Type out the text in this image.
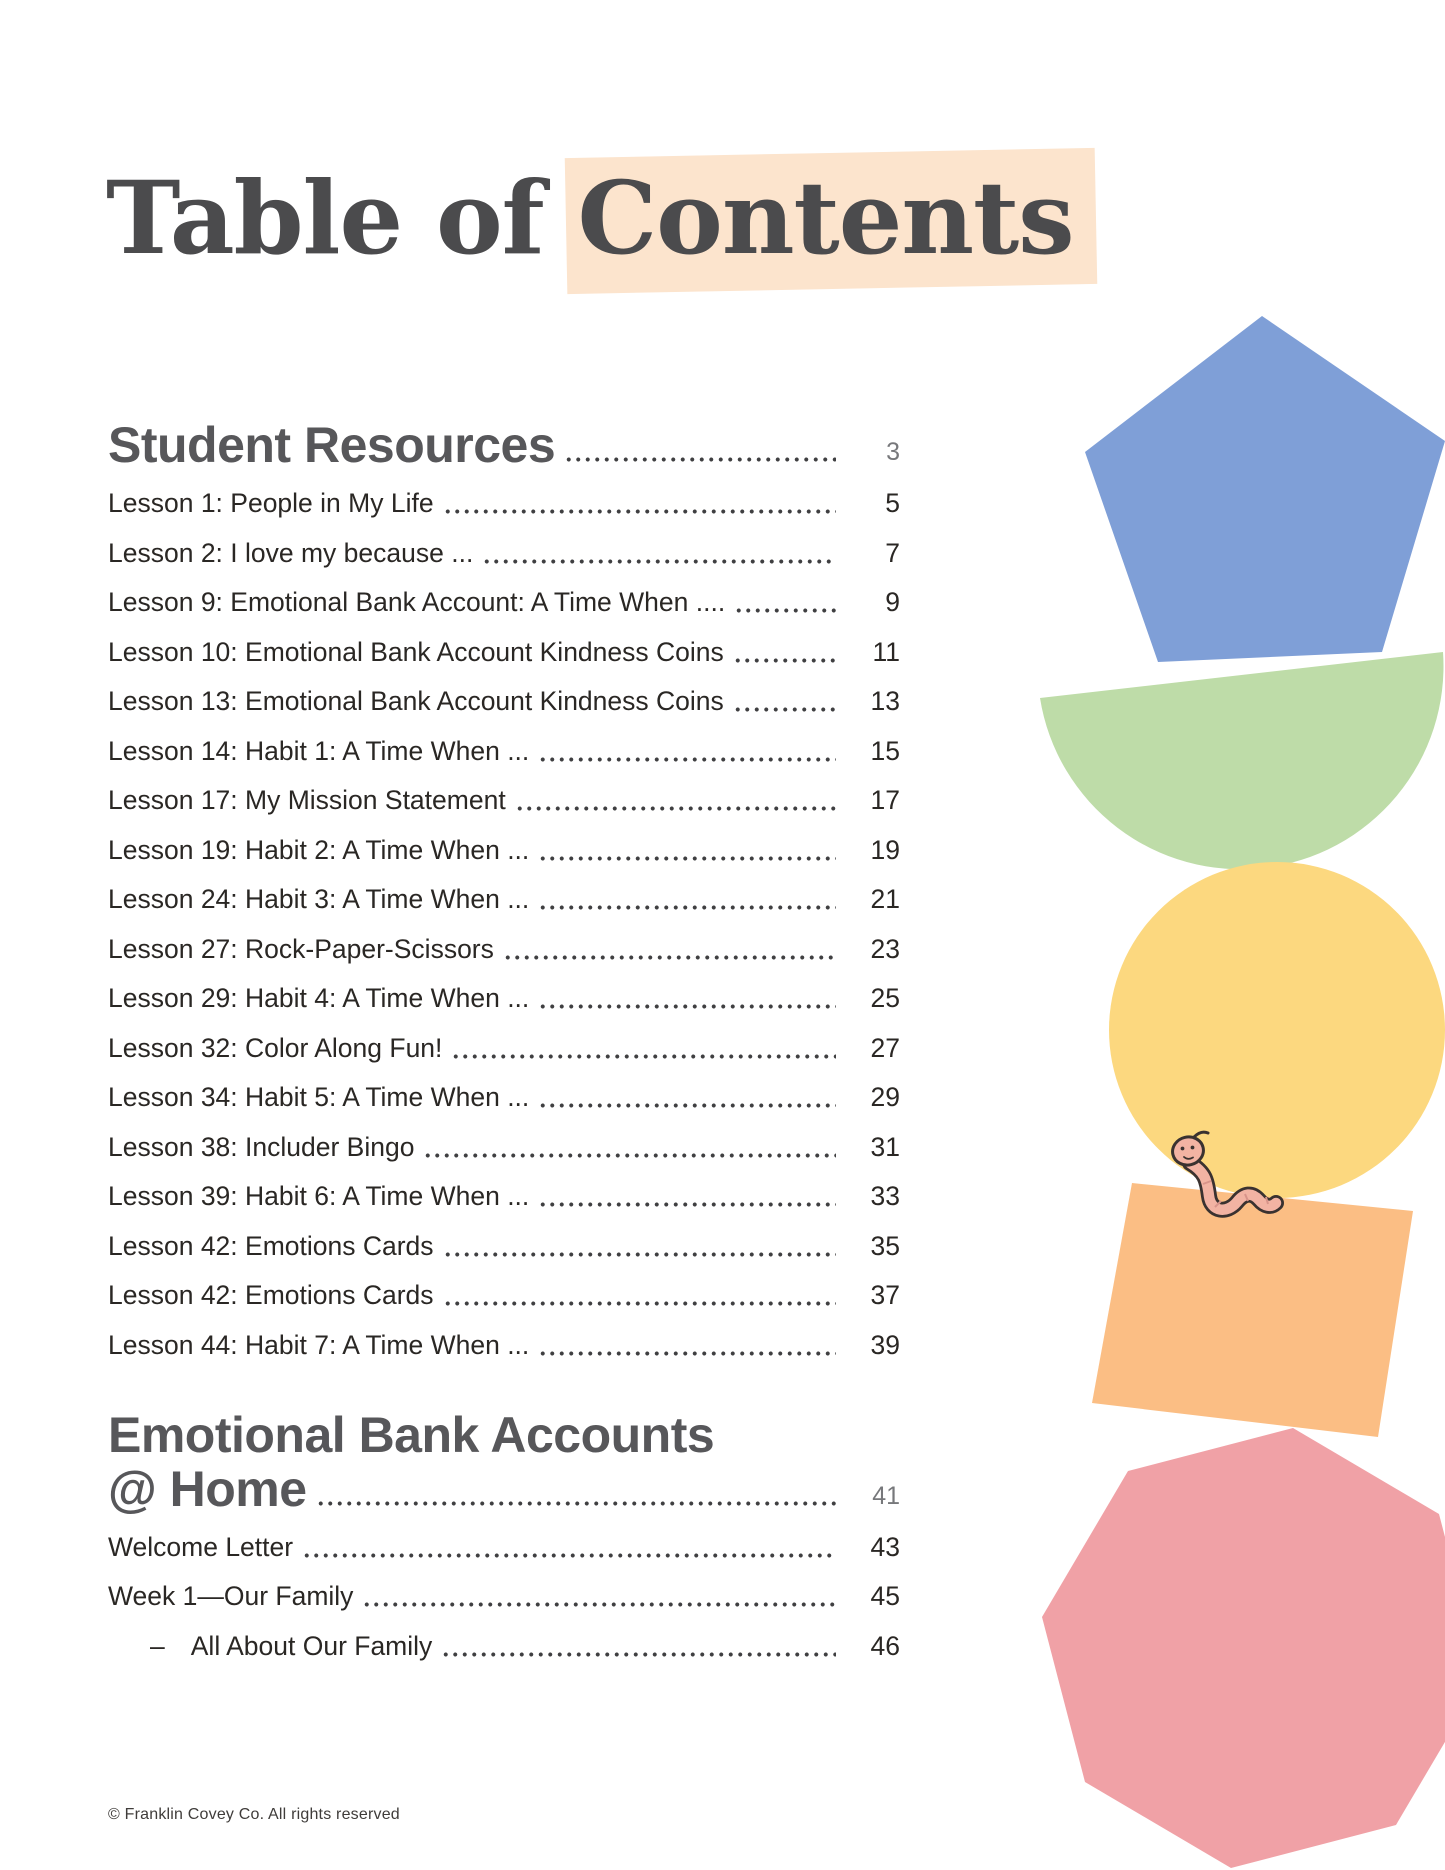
Table of Contents
Student Resources	3
Lesson 1: People in My Life	5
Lesson 2: I love my because ...	7
Lesson 9: Emotional Bank Account: A Time When ....	9
Lesson 10: Emotional Bank Account Kindness Coins	11
Lesson 13: Emotional Bank Account Kindness Coins	13
Lesson 14: Habit 1: A Time When ...	15
Lesson 17: My Mission Statement	17
Lesson 19: Habit 2: A Time When ...	19
Lesson 24: Habit 3: A Time When ...	21
Lesson 27: Rock-Paper-Scissors	23
Lesson 29: Habit 4: A Time When ...	25
Lesson 32: Color Along Fun!	27
Lesson 34: Habit 5: A Time When ...	29
Lesson 38: Includer Bingo	31
Lesson 39: Habit 6: A Time When ...	33
Lesson 42: Emotions Cards	35
Lesson 42: Emotions Cards	37
Lesson 44: Habit 7: A Time When ...	39
Emotional Bank Accounts
@ Home	41
Welcome Letter	43
Week 1—Our Family	45
– All About Our Family	46
© Franklin Covey Co. All rights reserved
